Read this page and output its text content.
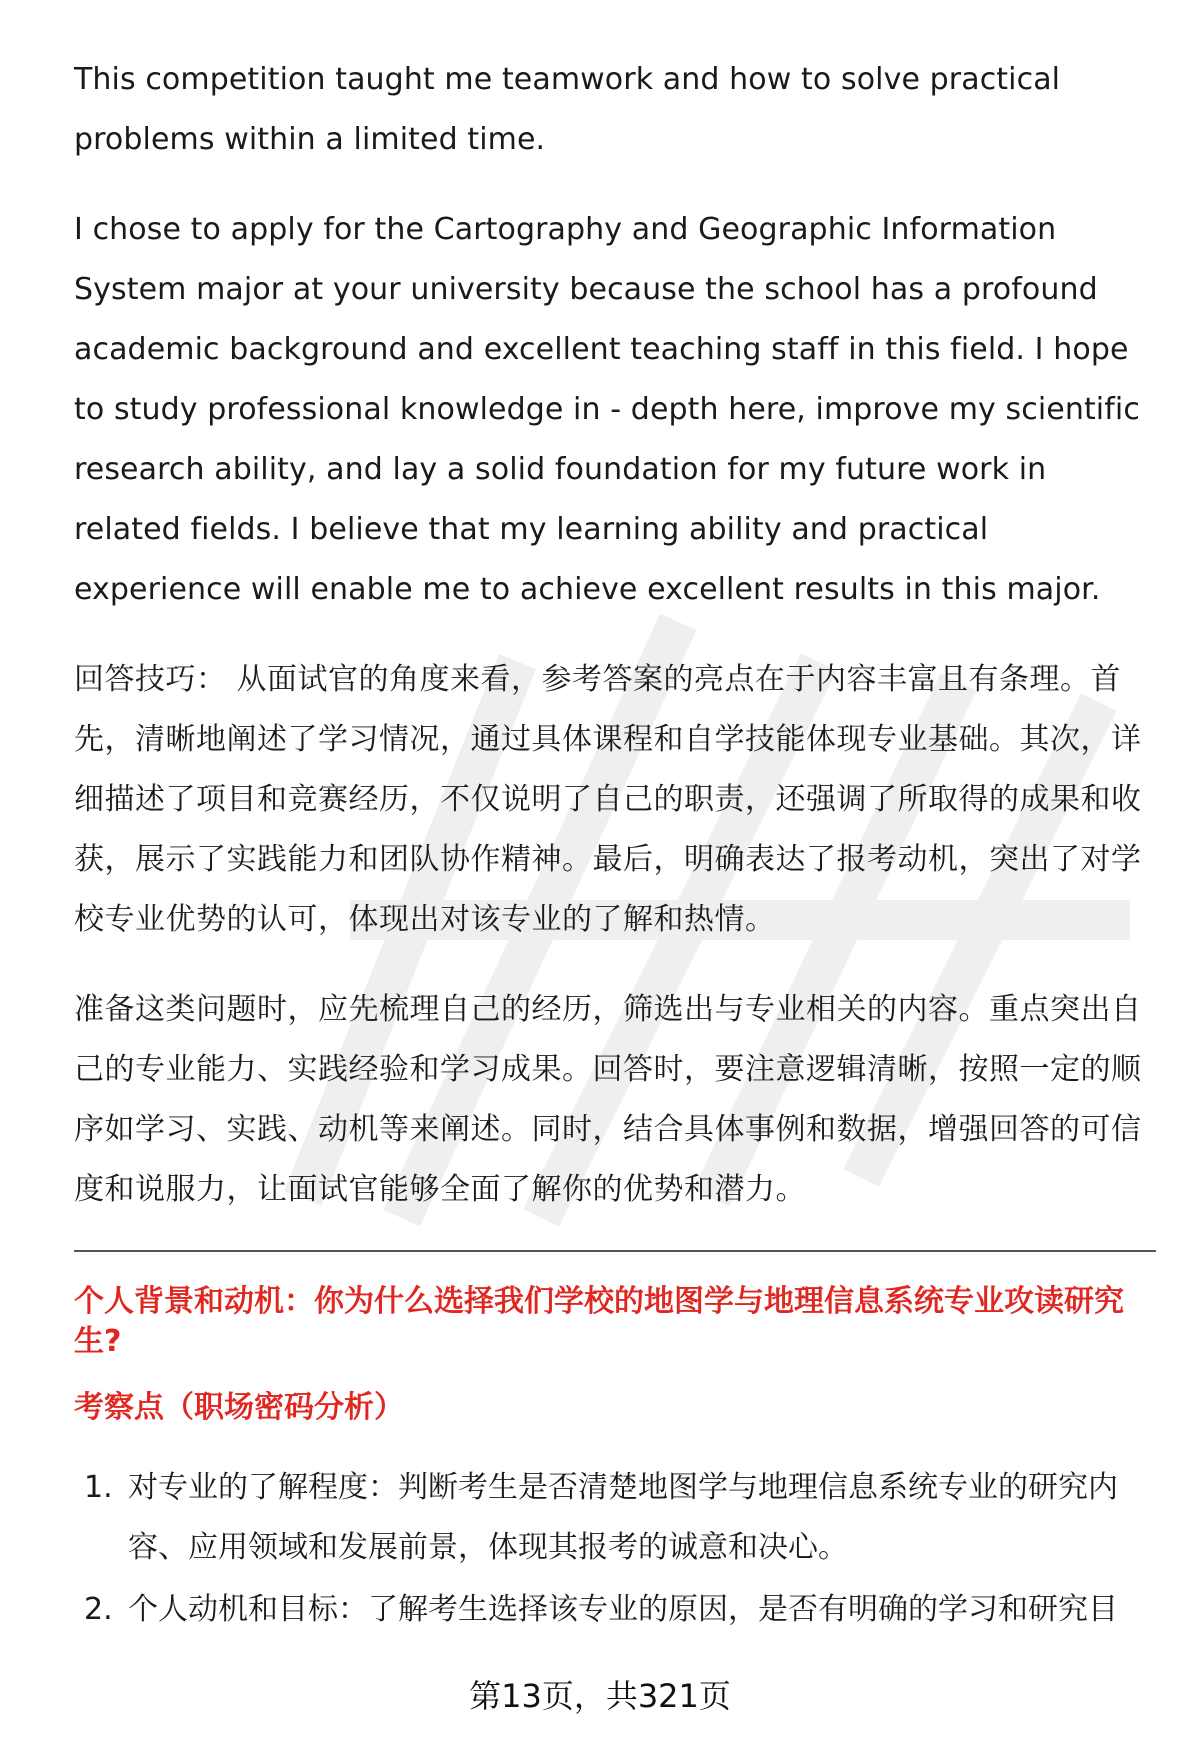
This competition taught me teamwork and how to solve practical problems within a limited time.

I chose to apply for the Cartography and Geographic Information System major at your university because the school has a profound academic background and excellent teaching staff in this field. I hope to study professional knowledge in - depth here, improve my scientific research ability, and lay a solid foundation for my future work in related fields. I believe that my learning ability and practical experience will enable me to achieve excellent results in this major.

回答技巧： 从面试官的角度来看，参考答案的亮点在于内容丰富且有条理。首先，清晰地阐述了学习情况，通过具体课程和自学技能体现专业基础。其次，详细描述了项目和竞赛经历，不仅说明了自己的职责，还强调了所取得的成果和收获，展示了实践能力和团队协作精神。最后，明确表达了报考动机，突出了对学校专业优势的认可，体现出对该专业的了解和热情。

准备这类问题时，应先梳理自己的经历，筛选出与专业相关的内容。重点突出自己的专业能力、实践经验和学习成果。回答时，要注意逻辑清晰，按照一定的顺序如学习、实践、动机等来阐述。同时，结合具体事例和数据，增强回答的可信度和说服力，让面试官能够全面了解你的优势和潜力。

个人背景和动机：你为什么选择我们学校的地图学与地理信息系统专业攻读研究生?
考察点（职场密码分析）
1. 对专业的了解程度：判断考生是否清楚地图学与地理信息系统专业的研究内容、应用领域和发展前景，体现其报考的诚意和决心。
2. 个人动机和目标：了解考生选择该专业的原因，是否有明确的学习和研究目
第13页，共321页
